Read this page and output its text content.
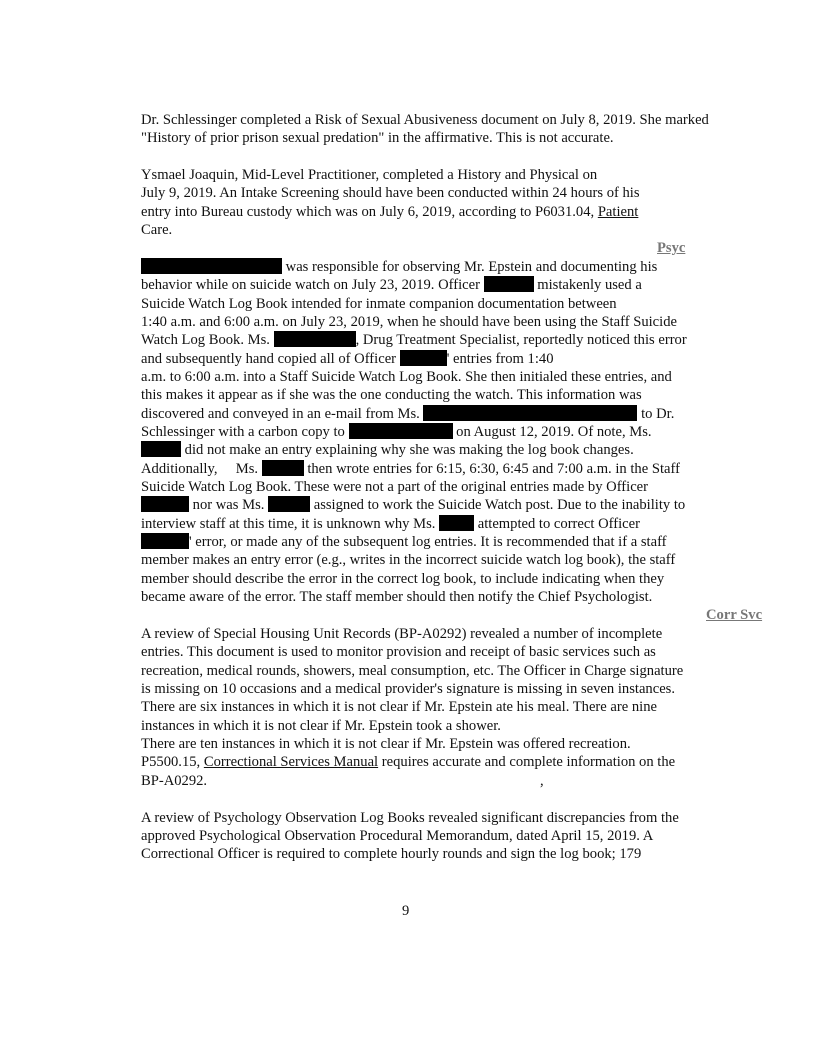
Dr. Schlessinger completed a Risk of Sexual Abusiveness document on July 8, 2019. She marked
"History of prior prison sexual predation" in the affirmative. This is not accurate.
Ysmael Joaquin, Mid-Level Practitioner, completed a History and Physical on
July 9, 2019. An Intake Screening should have been conducted within 24 hours of his
entry into Bureau custody which was on July 6, 2019, according to P6031.04, Patient
Care.
Psyc
was responsible for observing Mr. Epstein and documenting his
behavior while on suicide watch on July 23, 2019. Officer	mistakenly used a
Suicide Watch Log Book intended for inmate companion documentation between
1:40 a.m. and 6:00 a.m. on July 23, 2019, when he should have been using the Staff Suicide
Watch Log Book. Ms.	, Drug Treatment Specialist, reportedly noticed this error
and subsequently hand copied all of Officer	' entries from 1:40
a.m. to 6:00 a.m. into a Staff Suicide Watch Log Book. She then initialed these entries, and
this makes it appear as if she was the one conducting the watch. This information was
discovered and conveyed in an e-mail from Ms.	to Dr.
Schlessinger with a carbon copy to	on August 12, 2019. Of note, Ms.
did not make an entry explaining why she was making the log book changes.
Additionally,     Ms.	then wrote entries for 6:15, 6:30, 6:45 and 7:00 a.m. in the Staff
Suicide Watch Log Book. These were not a part of the original entries made by Officer
nor was Ms.	assigned to work the Suicide Watch post. Due to the inability to
interview staff at this time, it is unknown why Ms.	attempted to correct Officer
' error, or made any of the subsequent log entries. It is recommended that if a staff
member makes an entry error (e.g., writes in the incorrect suicide watch log book), the staff
member should describe the error in the correct log book, to include indicating when they
became aware of the error. The staff member should then notify the Chief Psychologist.
Corr Svc
A review of Special Housing Unit Records (BP-A0292) revealed a number of incomplete
entries. This document is used to monitor provision and receipt of basic services such as
recreation, medical rounds, showers, meal consumption, etc. The Officer in Charge signature
is missing on 10 occasions and a medical provider's signature is missing in seven instances.
There are six instances in which it is not clear if Mr. Epstein ate his meal. There are nine
instances in which it is not clear if Mr. Epstein took a shower.
There are ten instances in which it is not clear if Mr. Epstein was offered recreation.
P5500.15, Correctional Services Manual requires accurate and complete information on the
BP-A0292.	,
A review of Psychology Observation Log Books revealed significant discrepancies from the
approved Psychological Observation Procedural Memorandum, dated April 15, 2019. A
Correctional Officer is required to complete hourly rounds and sign the log book; 179
9
